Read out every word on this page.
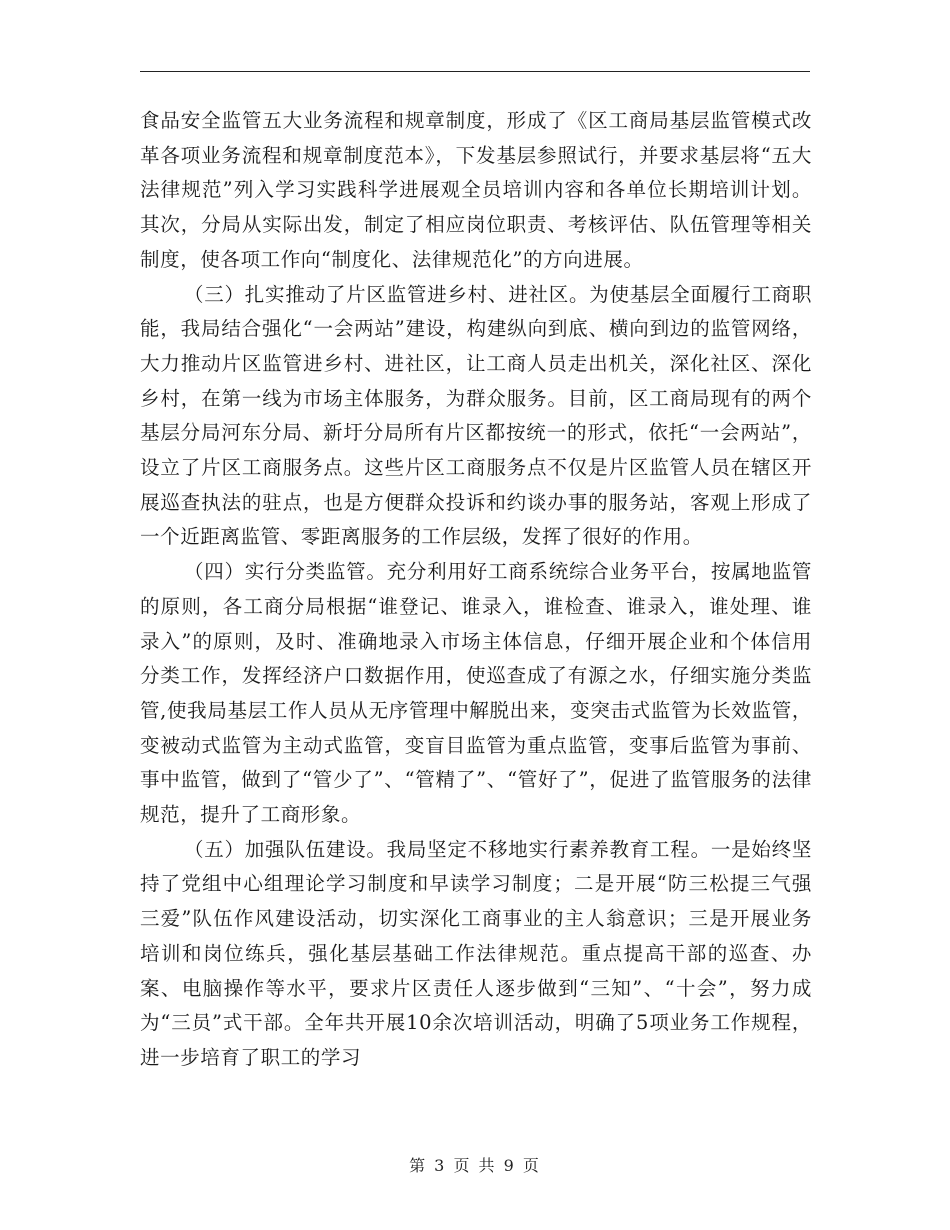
食品安全监管五大业务流程和规章制度，形成了《区工商局基层监管模式改革各项业务流程和规章制度范本》，下发基层参照试行，并要求基层将“五大法律规范”列入学习实践科学进展观全员培训内容和各单位长期培训计划。其次，分局从实际出发，制定了相应岗位职责、考核评估、队伍管理等相关制度，使各项工作向“制度化、法律规范化”的方向进展。

（三）扎实推动了片区监管进乡村、进社区。为使基层全面履行工商职能，我局结合强化“一会两站”建设，构建纵向到底、横向到边的监管网络，大力推动片区监管进乡村、进社区，让工商人员走出机关，深化社区、深化乡村，在第一线为市场主体服务，为群众服务。目前，区工商局现有的两个基层分局河东分局、新圩分局所有片区都按统一的形式，依托“一会两站”，设立了片区工商服务点。这些片区工商服务点不仅是片区监管人员在辖区开展巡查执法的驻点，也是方便群众投诉和约谈办事的服务站，客观上形成了一个近距离监管、零距离服务的工作层级，发挥了很好的作用。

（四）实行分类监管。充分利用好工商系统综合业务平台，按属地监管的原则，各工商分局根据“谁登记、谁录入，谁检查、谁录入，谁处理、谁录入”的原则，及时、准确地录入市场主体信息，仔细开展企业和个体信用分类工作，发挥经济户口数据作用，使巡查成了有源之水，仔细实施分类监管,使我局基层工作人员从无序管理中解脱出来，变突击式监管为长效监管，变被动式监管为主动式监管，变盲目监管为重点监管，变事后监管为事前、事中监管，做到了“管少了”、“管精了”、“管好了”，促进了监管服务的法律规范，提升了工商形象。

（五）加强队伍建设。我局坚定不移地实行素养教育工程。一是始终坚持了党组中心组理论学习制度和早读学习制度；二是开展“防三松提三气强三爱”队伍作风建设活动，切实深化工商事业的主人翁意识；三是开展业务培训和岗位练兵，强化基层基础工作法律规范。重点提高干部的巡查、办案、电脑操作等水平，要求片区责任人逐步做到“三知”、“十会”，努力成为“三员”式干部。全年共开展10余次培训活动，明确了5项业务工作规程，进一步培育了职工的学习

第 3 页 共 9 页
